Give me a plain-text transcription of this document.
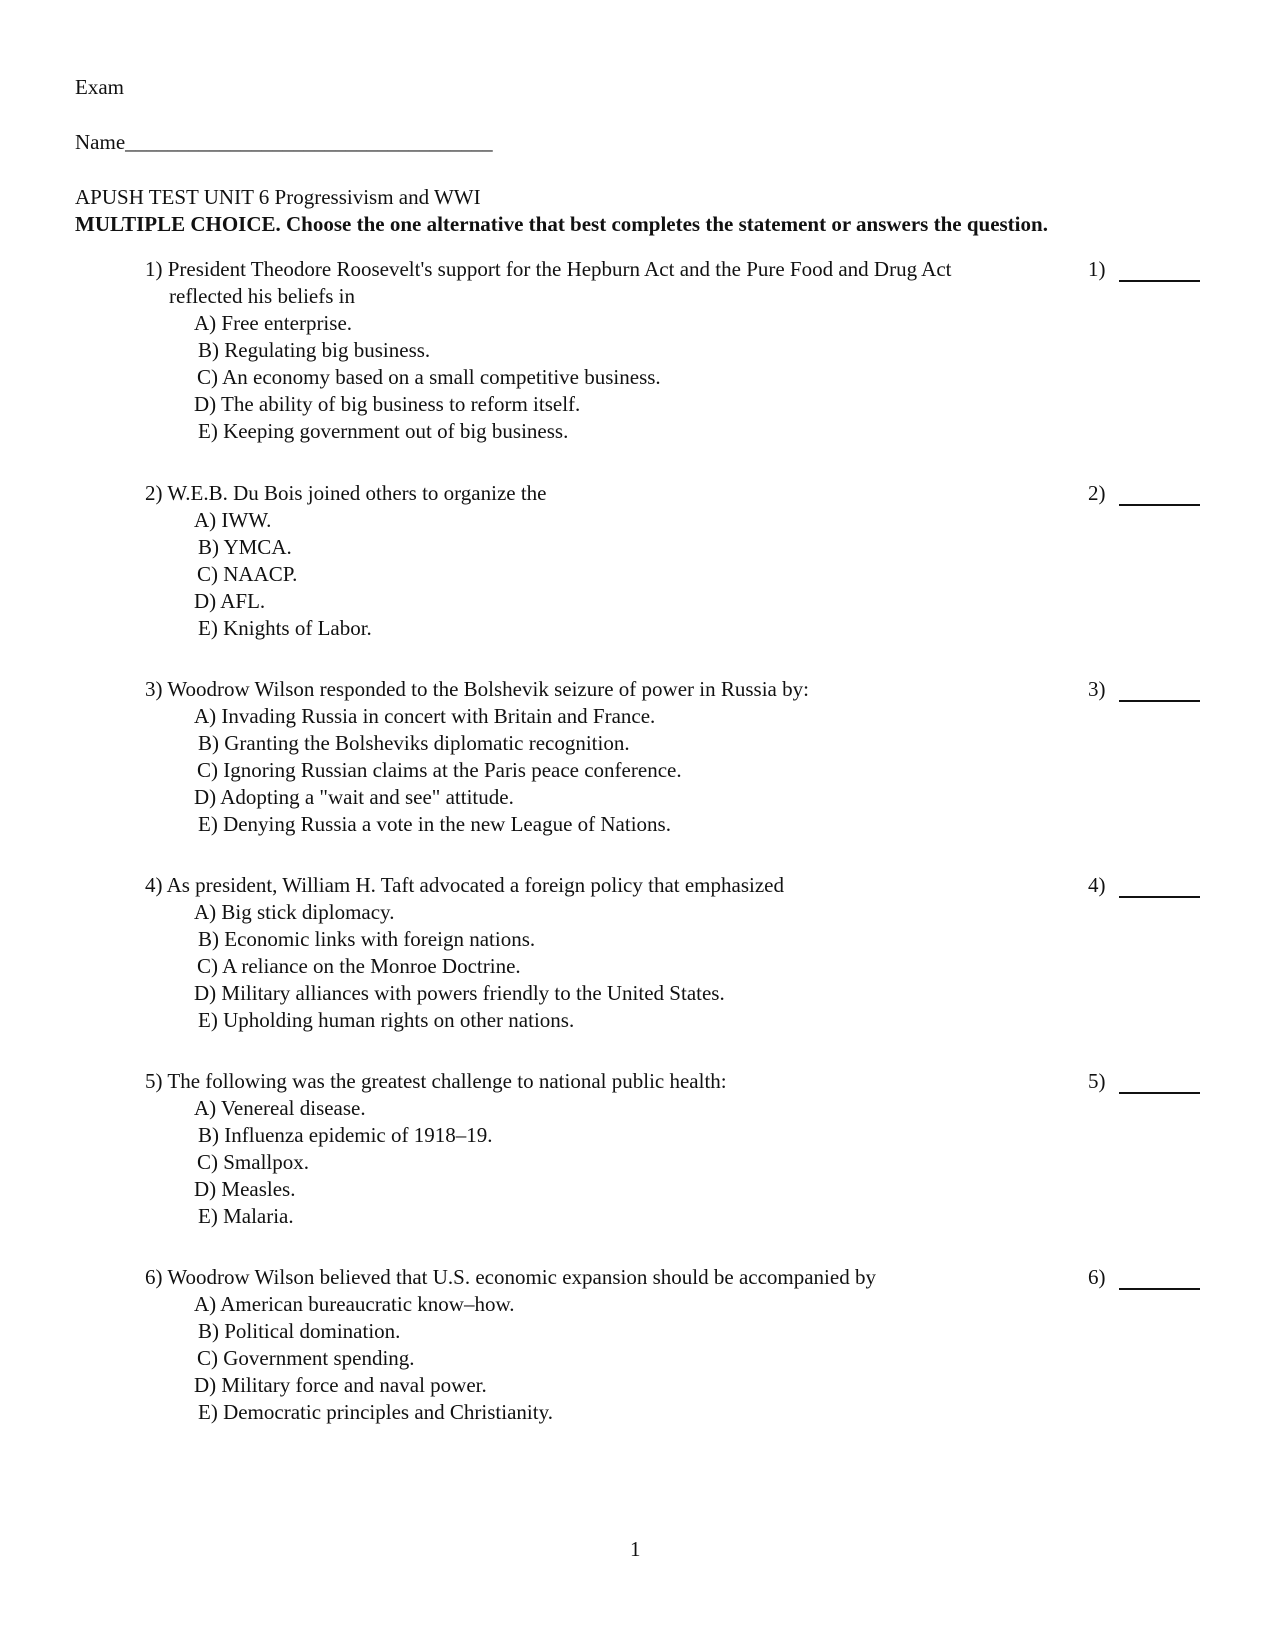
Exam
Name___________________________________
APUSH TEST UNIT 6 Progressivism and WWI
MULTIPLE CHOICE. Choose the one alternative that best completes the statement or answers the question.
1) President Theodore Roosevelt's support for the Hepburn Act and the Pure Food and Drug Act
reflected his beliefs in
A) Free enterprise.
B) Regulating big business.
C) An economy based on a small competitive business.
D) The ability of big business to reform itself.
E) Keeping government out of big business.
1)
2) W.E.B. Du Bois joined others to organize the
A) IWW.
B) YMCA.
C) NAACP.
D) AFL.
E) Knights of Labor.
2)
3) Woodrow Wilson responded to the Bolshevik seizure of power in Russia by:
A) Invading Russia in concert with Britain and France.
B) Granting the Bolsheviks diplomatic recognition.
C) Ignoring Russian claims at the Paris peace conference.
D) Adopting a "wait and see" attitude.
E) Denying Russia a vote in the new League of Nations.
3)
4) As president, William H. Taft advocated a foreign policy that emphasized
A) Big stick diplomacy.
B) Economic links with foreign nations.
C) A reliance on the Monroe Doctrine.
D) Military alliances with powers friendly to the United States.
E) Upholding human rights on other nations.
4)
5) The following was the greatest challenge to national public health:
A) Venereal disease.
B) Influenza epidemic of 1918–19.
C) Smallpox.
D) Measles.
E) Malaria.
5)
6) Woodrow Wilson believed that U.S. economic expansion should be accompanied by
A) American bureaucratic know–how.
B) Political domination.
C) Government spending.
D) Military force and naval power.
E) Democratic principles and Christianity.
6)
1
